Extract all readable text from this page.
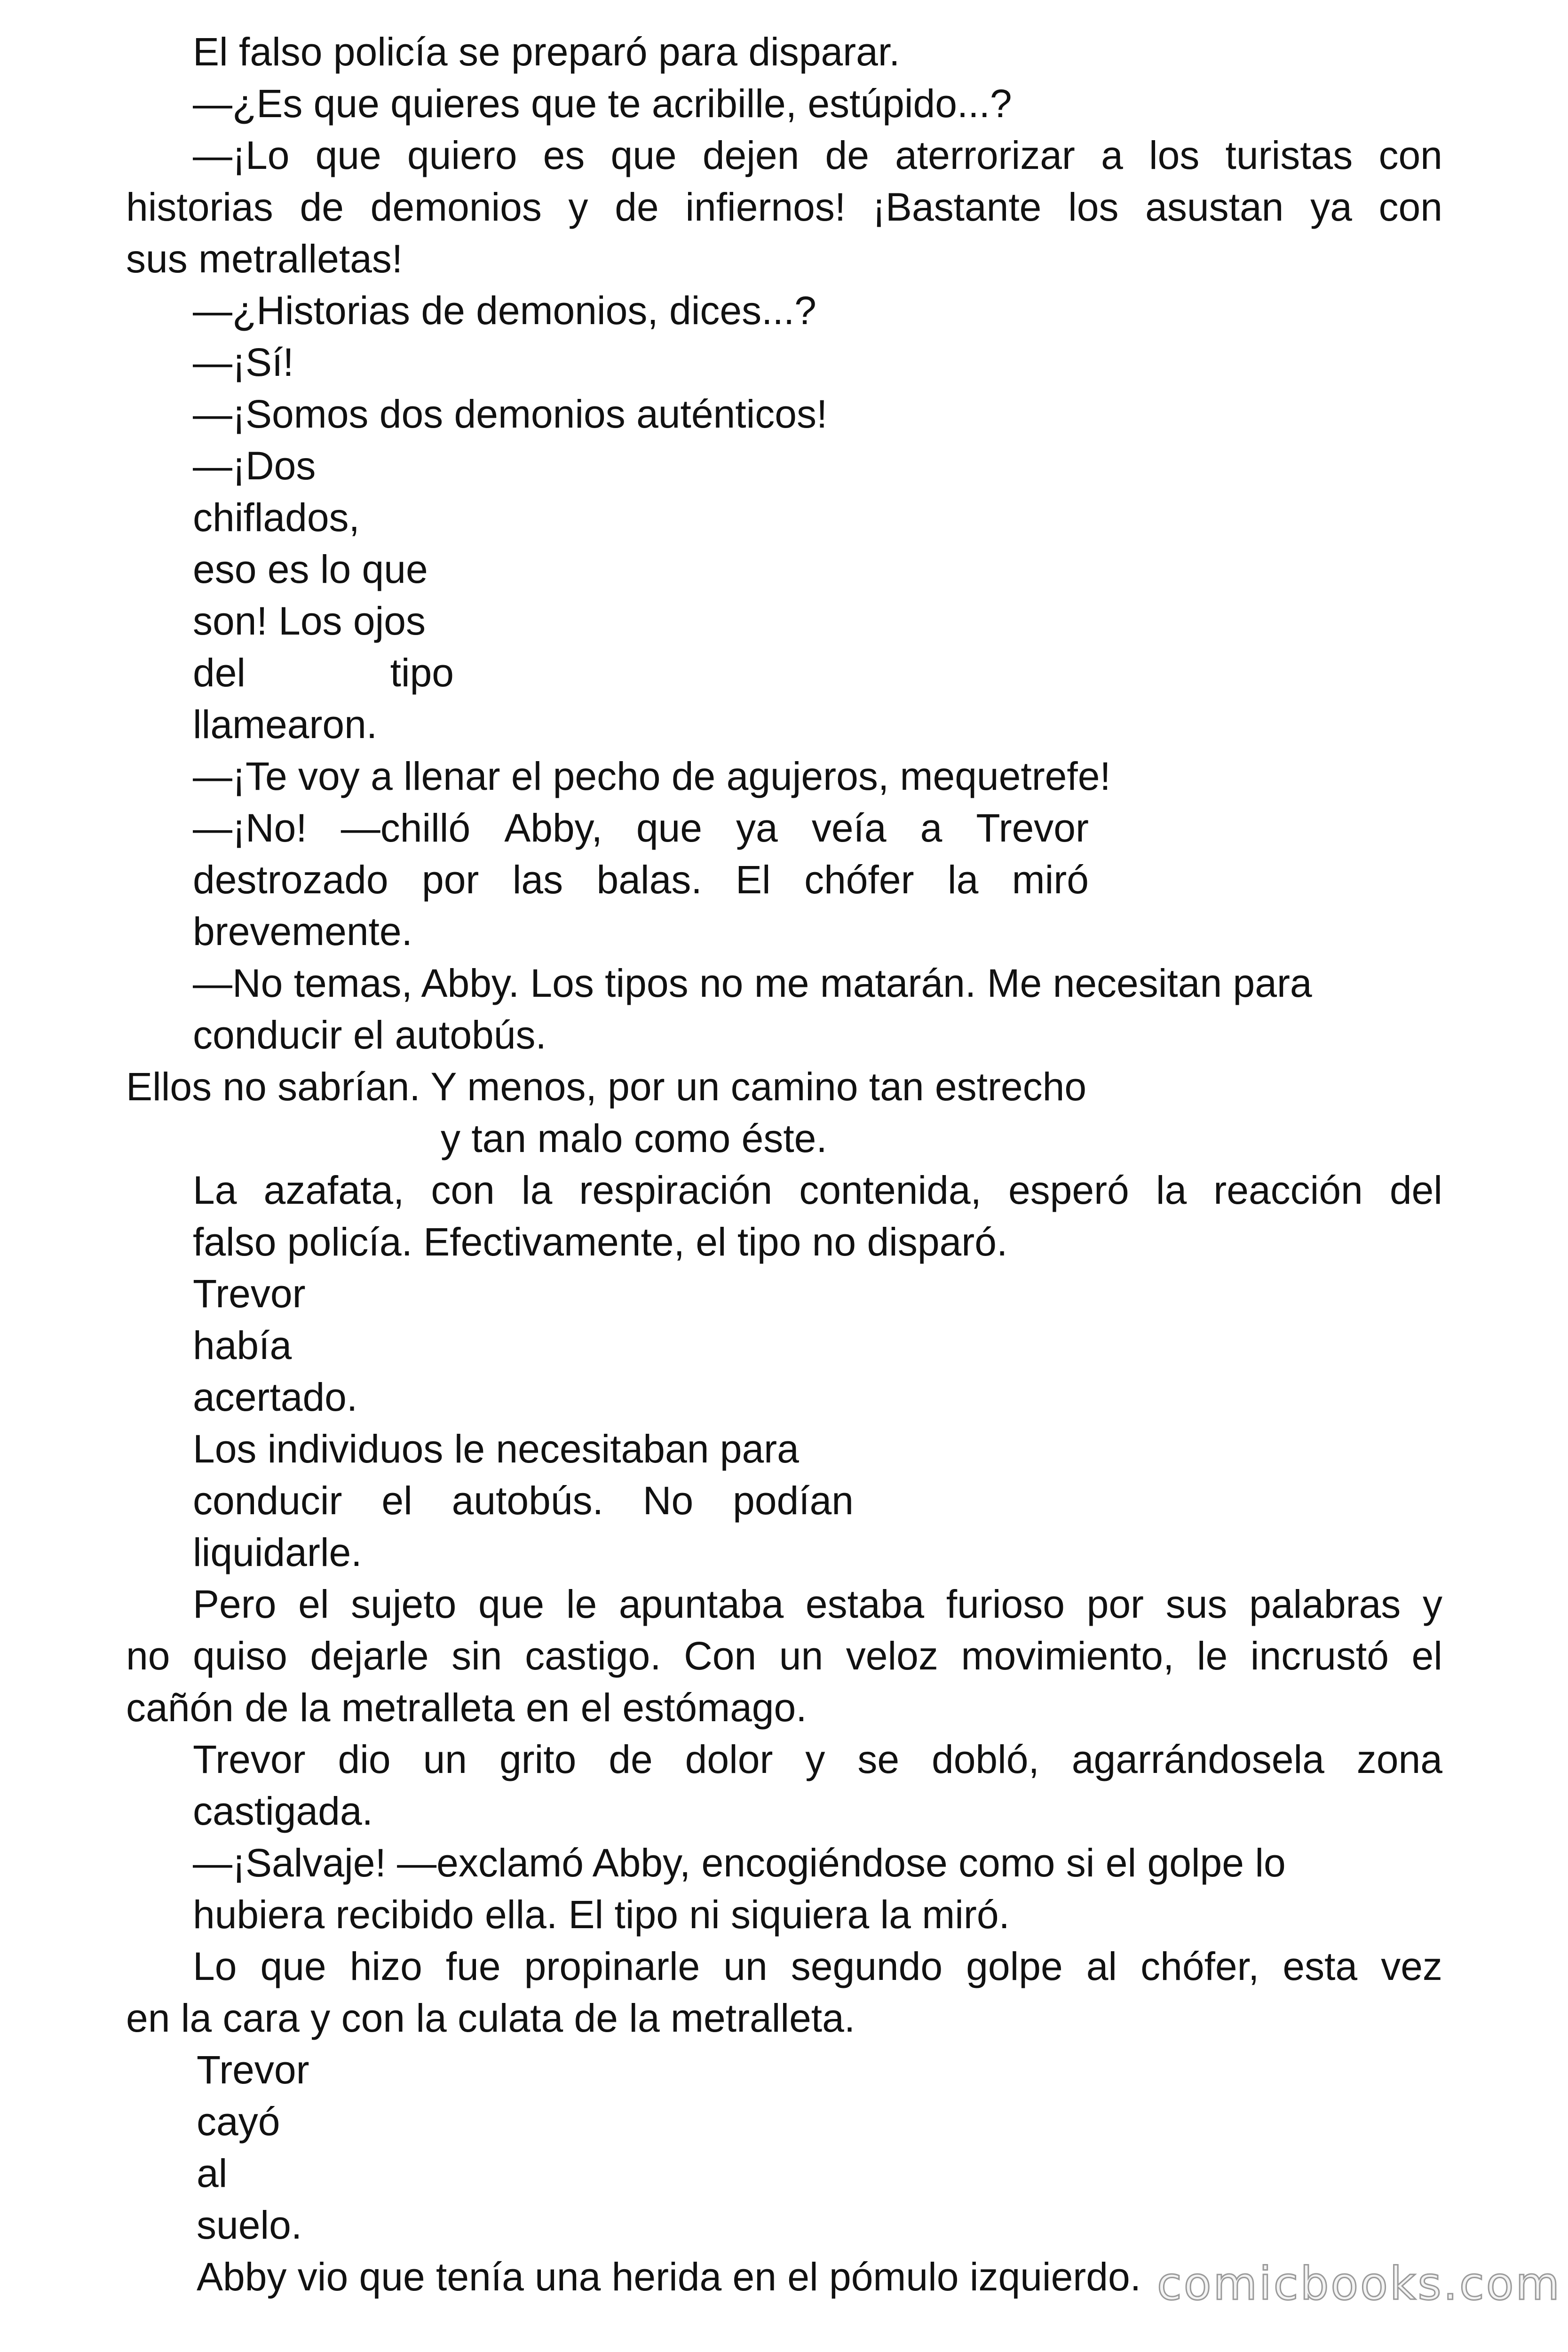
El falso policía se preparó para disparar.

—¿Es que quieres que te acribille, estúpido...?

—¡Lo que quiero es que dejen de aterrorizar a los turistas con

historias de demonios y de infiernos! ¡Bastante los asustan ya con

sus metralletas!

—¿Historias de demonios, dices...?

—¡Sí!

—¡Somos dos demonios auténticos!

—¡Dos

chiflados,

eso es lo que

son! Los ojos

del	tipo

llamearon.

—¡Te voy a llenar el pecho de agujeros, mequetrefe!

—¡No! —chilló Abby, que ya veía a Trevor

destrozado por las balas. El chófer la miró

brevemente.

—No temas, Abby. Los tipos no me matarán. Me necesitan para

conducir el autobús.

Ellos no sabrían. Y menos, por un camino tan estrecho

y tan malo como éste.

La azafata, con la respiración contenida, esperó la reacción del

falso policía. Efectivamente, el tipo no disparó.

Trevor

había

acertado.

Los individuos le necesitaban para

conducir el autobús. No podían

liquidarle.

Pero el sujeto que le apuntaba estaba furioso por sus palabras y

no quiso dejarle sin castigo. Con un veloz movimiento, le incrustó el

cañón de la metralleta en el estómago.

Trevor dio un grito de dolor y se dobló, agarrándosela zona

castigada.

—¡Salvaje! —exclamó Abby, encogiéndose como si el golpe lo

hubiera recibido ella. El tipo ni siquiera la miró.

Lo que hizo fue propinarle un segundo golpe al chófer, esta vez

en la cara y con la culata de la metralleta.

Trevor

cayó

al

suelo.

Abby vio que tenía una herida en el pómulo izquierdo. comicbooks.com
